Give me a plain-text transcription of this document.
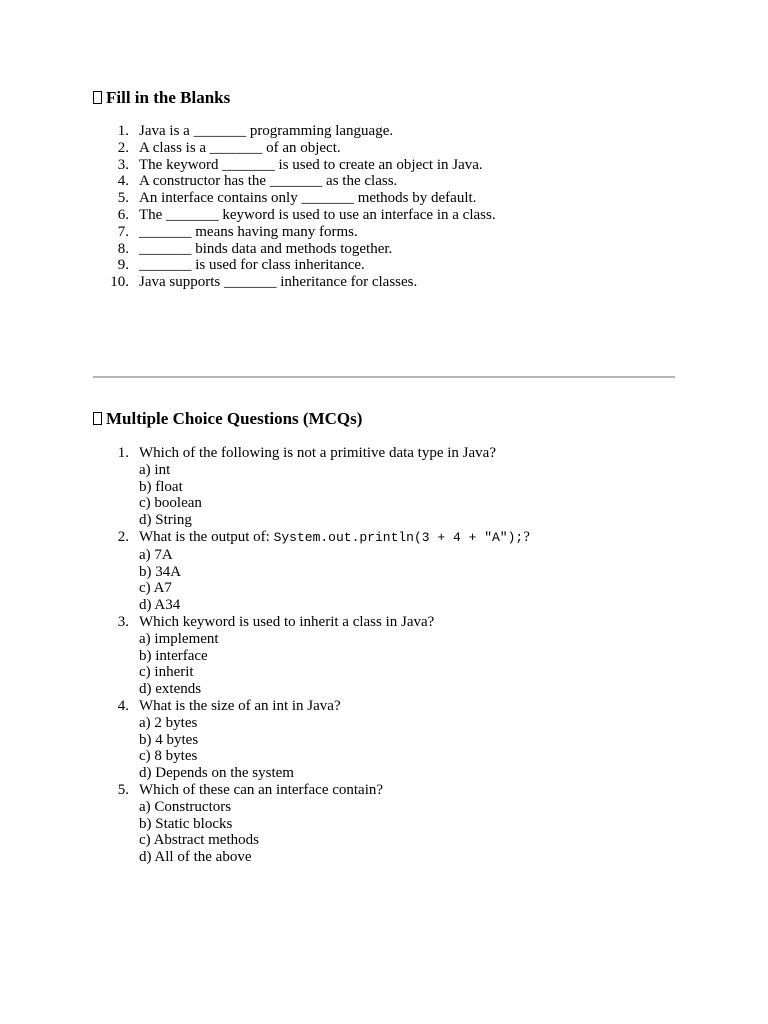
Fill in the Blanks
1 . Java is a _______ programming language.
2 . A class is a _______ of an object.
3 . The keyword _______ is used to create an object in Java.
4 . A constructor has the _______ as the class.
5 . An interface contains only _______ methods by default.
6 . The _______ keyword is used to use an interface in a class.
7 . _______ means having many forms.
8 . _______ binds data and methods together.
9 . _______ is used for class inheritance.
10 . Java supports _______ inheritance for classes.
Multiple Choice Questions (MCQs)
1 . Which of the following is not a primitive data type in Java?
a) int
b) float
c) boolean
d) String
2 . What is the output of: System.out.println(3 + 4 + "A");?
a) 7A
b) 34A
c) A7
d) A34
3 . Which keyword is used to inherit a class in Java?
a) implement
b) interface
c) inherit
d) extends
4 . What is the size of an int in Java?
a) 2 bytes
b) 4 bytes
c) 8 bytes
d) Depends on the system
5 . Which of these can an interface contain?
a) Constructors
b) Static blocks
c) Abstract methods
d) All of the above
